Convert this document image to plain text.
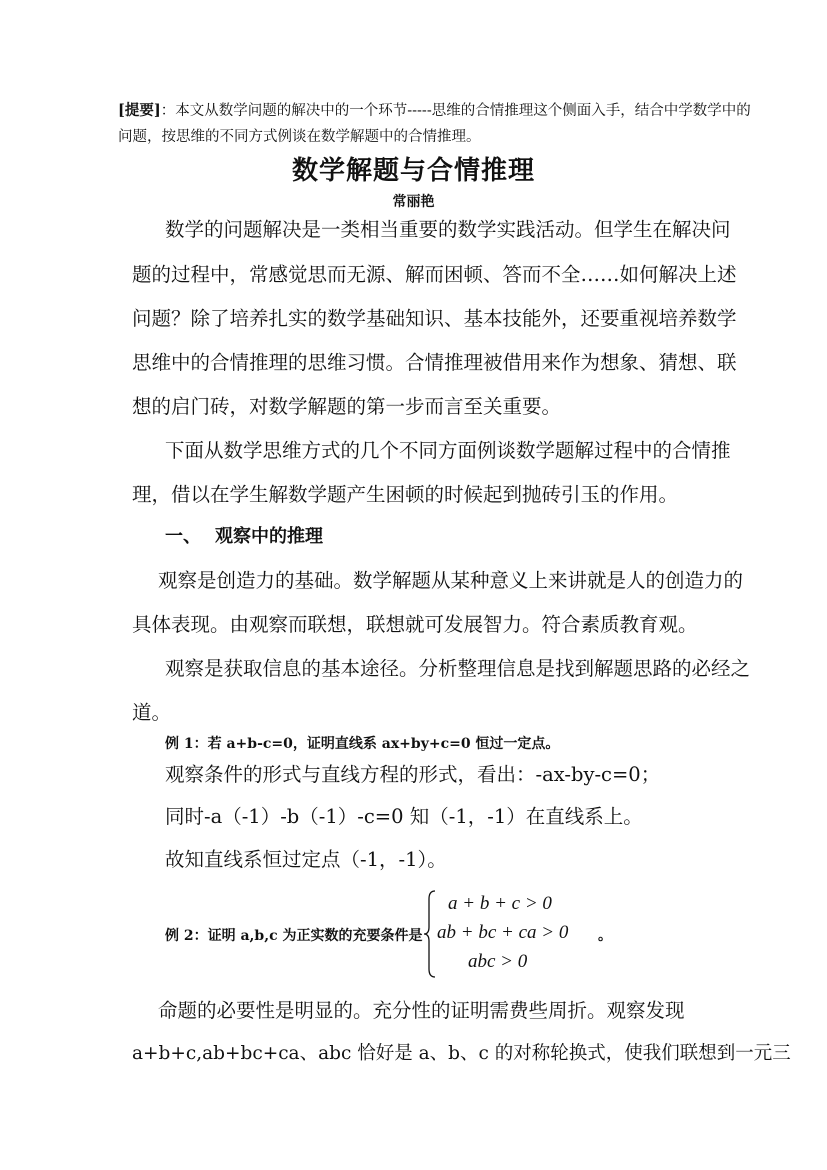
[提要]：本文从数学问题的解决中的一个环节-----思维的合情推理这个侧面入手，结合中学数学中的问题，按思维的不同方式例谈在数学解题中的合情推理。
数学解题与合情推理
常丽艳
数学的问题解决是一类相当重要的数学实践活动。但学生在解决问
题的过程中，常感觉思而无源、解而困顿、答而不全……如何解决上述
问题？除了培养扎实的数学基础知识、基本技能外，还要重视培养数学
思维中的合情推理的思维习惯。合情推理被借用来作为想象、猜想、联
想的启门砖，对数学解题的第一步而言至关重要。
下面从数学思维方式的几个不同方面例谈数学题解过程中的合情推
理，借以在学生解数学题产生困顿的时候起到抛砖引玉的作用。
一、 观察中的推理
观察是创造力的基础。数学解题从某种意义上来讲就是人的创造力的
具体表现。由观察而联想，联想就可发展智力。符合素质教育观。
观察是获取信息的基本途径。分析整理信息是找到解题思路的必经之
道。
例 1：若 a+b-c=0，证明直线系 ax+by+c=0 恒过一定点。
观察条件的形式与直线方程的形式，看出：-ax-by-c=0；
同时-a（-1）-b（-1）-c=0 知（-1，-1）在直线系上。
故知直线系恒过定点（-1，-1）。
例 2：证明 a,b,c 为正实数的充要条件是
a + b + c > 0
ab + bc + ca > 0
abc > 0
。
命题的必要性是明显的。充分性的证明需费些周折。观察发现
a+b+c,ab+bc+ca、abc 恰好是 a、b、c 的对称轮换式，使我们联想到一元三
